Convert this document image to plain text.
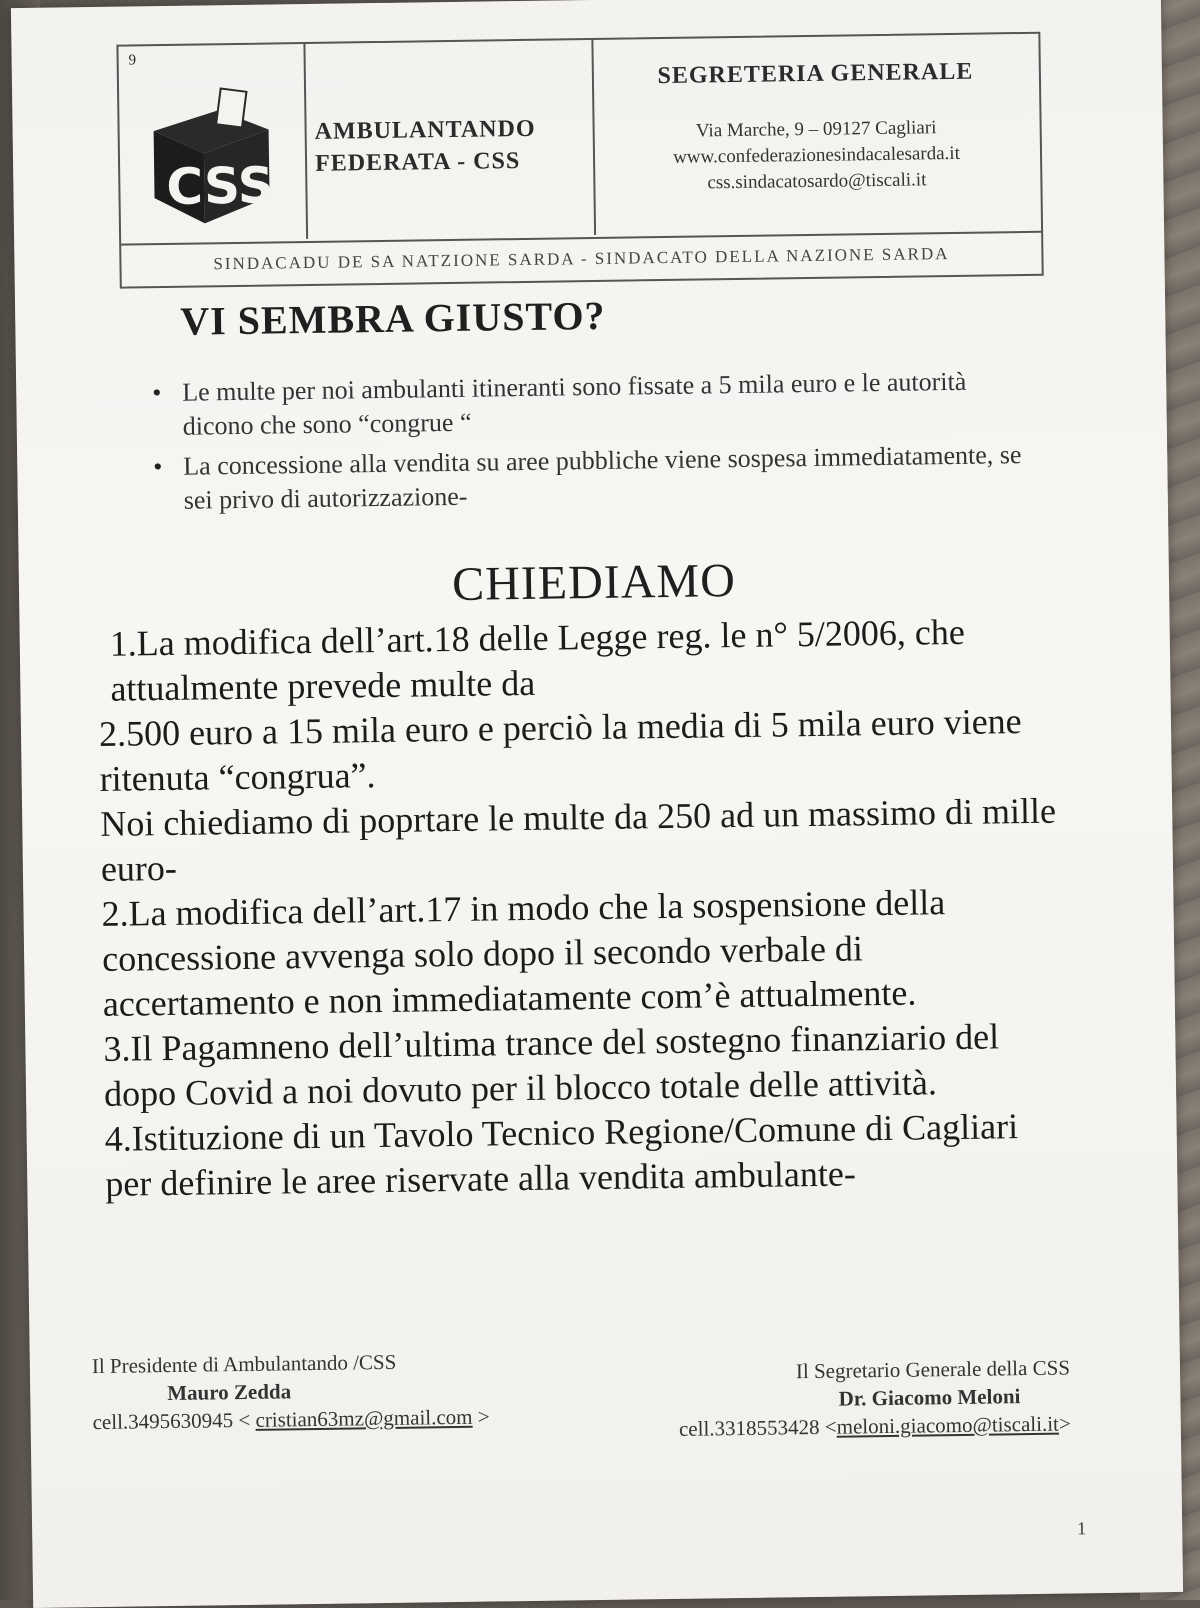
9
CSS
AMBULANTANDO
FEDERATA - CSS
SEGRETERIA GENERALE
Via Marche, 9 – 09127 Cagliari
www.confederazionesindacalesarda.it
css.sindacatosardo@tiscali.it
SINDACADU DE SA NATZIONE SARDA - SINDACATO DELLA NAZIONE SARDA
VI SEMBRA GIUSTO?
• Le multe per noi ambulanti itineranti sono fissate a 5 mila euro e le autorità dicono che sono “congrue “
• La concessione alla vendita su aree pubbliche viene sospesa immediatamente, se sei privo di autorizzazione-
CHIEDIAMO

1.La modifica dell’art.18 delle Legge reg. le n° 5/2006, che attualmente prevede multe da

2.500 euro a 15 mila euro e perciò la media di 5 mila euro viene ritenuta “congrua”.

Noi chiediamo di poprtare le multe da 250 ad un massimo di mille euro-

2.La modifica dell’art.17 in modo che la sospensione della concessione avvenga solo dopo il secondo verbale di accertamento e non immediatamente com’è attualmente.

3.Il Pagamneno dell’ultima trance del sostegno finanziario del dopo Covid a noi dovuto per il blocco totale delle attività.

4.Istituzione di un Tavolo Tecnico Regione/Comune di Cagliari per definire le aree riservate alla vendita ambulante-

Il Presidente di Ambulantando /CSS
Mauro Zedda
cell.3495630945 < cristian63mz@gmail.com >
Il Segretario Generale della CSS
Dr. Giacomo Meloni
cell.3318553428 <meloni.giacomo@tiscali.it>
1
